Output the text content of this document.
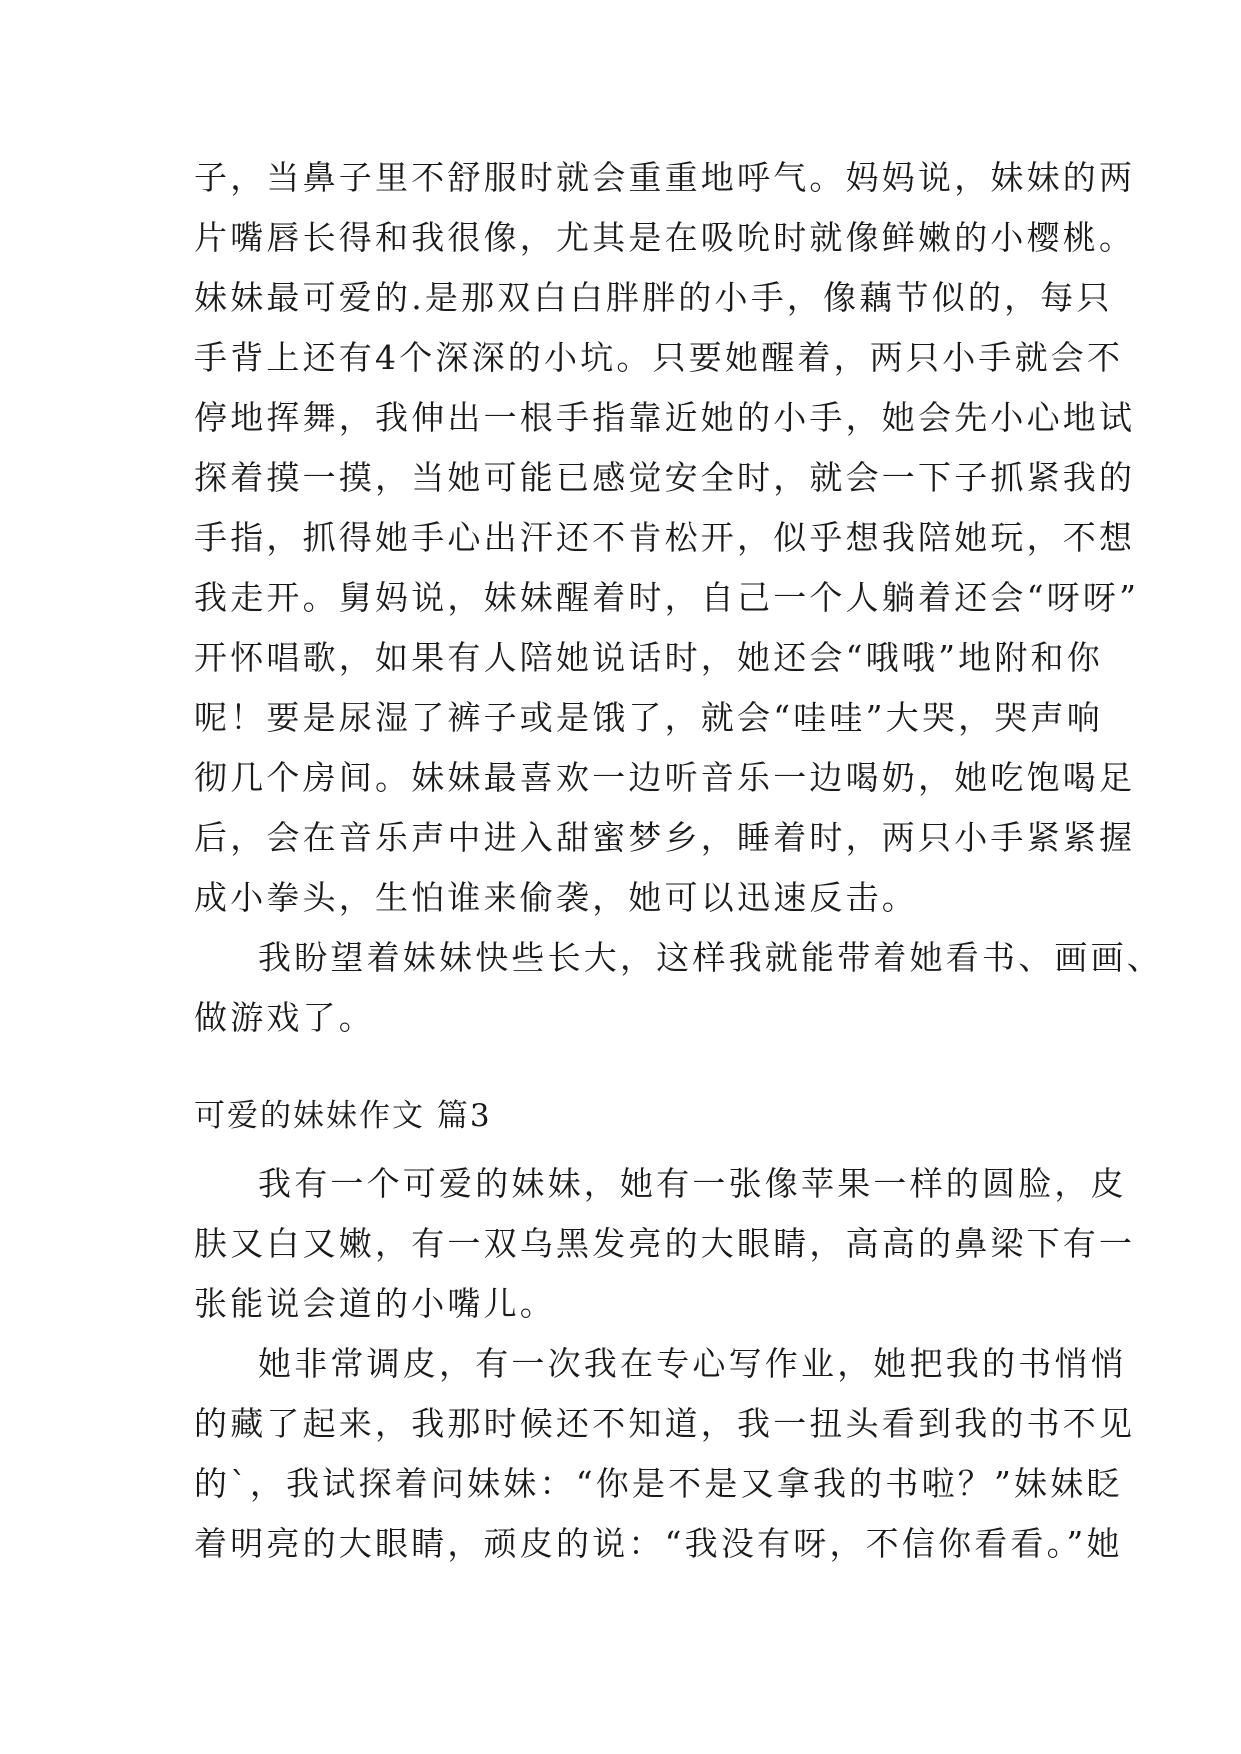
子，当鼻子里不舒服时就会重重地呼气。妈妈说，妹妹的两
片嘴唇长得和我很像，尤其是在吸吮时就像鲜嫩的小樱桃。
妹妹最可爱的.是那双白白胖胖的小手，像藕节似的，每只
手背上还有4个深深的小坑。只要她醒着，两只小手就会不
停地挥舞，我伸出一根手指靠近她的小手，她会先小心地试
探着摸一摸，当她可能已感觉安全时，就会一下子抓紧我的
手指，抓得她手心出汗还不肯松开，似乎想我陪她玩，不想
我走开。舅妈说，妹妹醒着时，自己一个人躺着还会“呀呀”
开怀唱歌，如果有人陪她说话时，她还会“哦哦”地附和你
呢！要是尿湿了裤子或是饿了，就会“哇哇”大哭，哭声响
彻几个房间。妹妹最喜欢一边听音乐一边喝奶，她吃饱喝足
后，会在音乐声中进入甜蜜梦乡，睡着时，两只小手紧紧握
成小拳头，生怕谁来偷袭，她可以迅速反击。
我盼望着妹妹快些长大，这样我就能带着她看书、画画、
做游戏了。
可爱的妹妹作文 篇3
我有一个可爱的妹妹，她有一张像苹果一样的圆脸，皮
肤又白又嫩，有一双乌黑发亮的大眼睛，高高的鼻梁下有一
张能说会道的小嘴儿。
她非常调皮，有一次我在专心写作业，她把我的书悄悄
的藏了起来，我那时候还不知道，我一扭头看到我的书不见
的`，我试探着问妹妹：“你是不是又拿我的书啦？”妹妹眨
着明亮的大眼睛，顽皮的说：“我没有呀，不信你看看。”她
